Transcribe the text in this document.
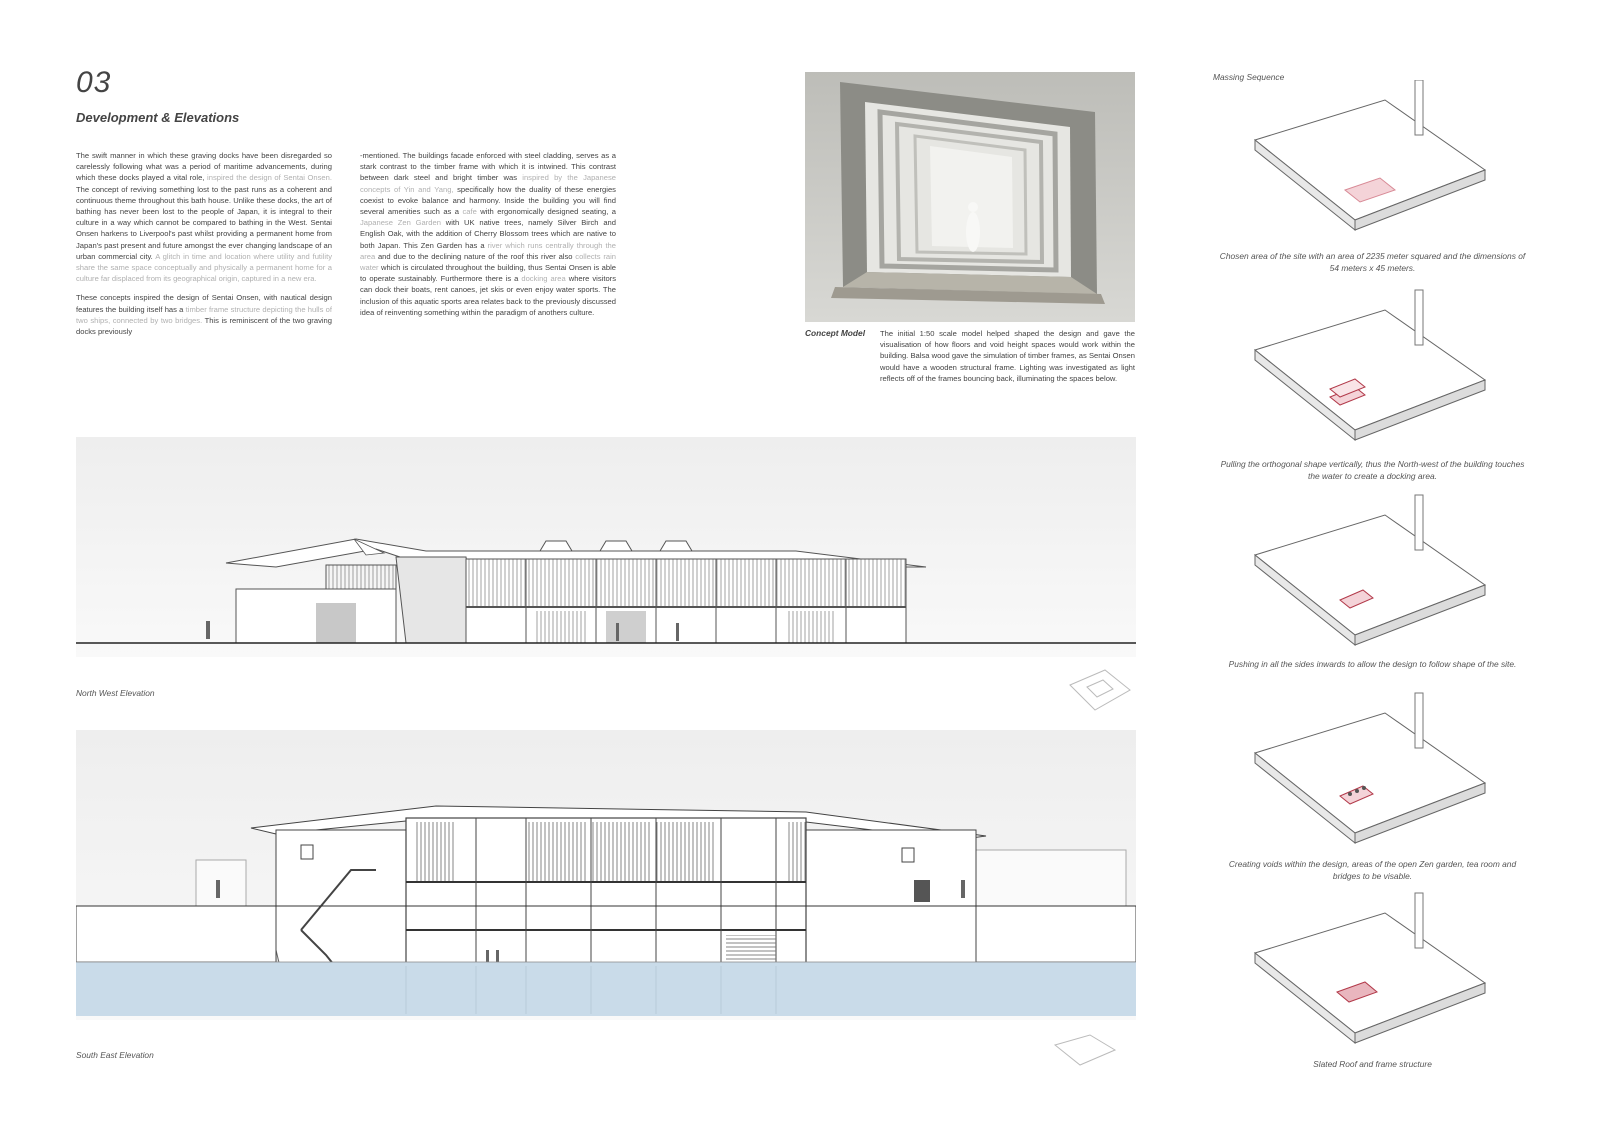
03
Development & Elevations

The swift manner in which these graving docks have been disregarded so carelessly following what was a period of maritime advancements, during which these docks played a vital role, inspired the design of Sentai Onsen. The concept of reviving something lost to the past runs as a coherent and continuous theme throughout this bath house. Unlike these docks, the art of bathing has never been lost to the people of Japan, it is integral to their culture in a way which cannot be compared to bathing in the West. Sentai Onsen harkens to Liverpool's past whilst providing a permanent home from Japan's past present and future amongst the ever changing landscape of an urban commercial city. A glitch in time and location where utility and futility share the same space conceptually and physically a permanent home for a culture far displaced from its geographical origin, captured in a new era.

These concepts inspired the design of Sentai Onsen, with nautical design features the building itself has a timber frame structure depicting the hulls of two ships, connected by two bridges. This is reminiscent of the two graving docks previously

-mentioned. The buildings facade enforced with steel cladding, serves as a stark contrast to the timber frame with which it is intwined. This contrast between dark steel and bright timber was inspired by the Japanese concepts of Yin and Yang, specifically how the duality of these energies coexist to evoke balance and harmony. Inside the building you will find several amenities such as a cafe with ergonomically designed seating, a Japanese Zen Garden with UK native trees, namely Silver Birch and English Oak, with the addition of Cherry Blossom trees which are native to both Japan. This Zen Garden has a river which runs centrally through the area and due to the declining nature of the roof this river also collects rain water which is circulated throughout the building, thus Sentai Onsen is able to operate sustainably. Furthermore there is a docking area where visitors can dock their boats, rent canoes, jet skis or even enjoy water sports. The inclusion of this aquatic sports area relates back to the previously discussed idea of reinventing something within the paradigm of anothers culture.

Concept Model The initial 1:50 scale model helped shaped the design and gave the visualisation of how floors and void height spaces would work within the building. Balsa wood gave the simulation of timber frames, as Sentai Onsen would have a wooden structural frame. Lighting was investigated as light reflects off of the frames bouncing back, illuminating the spaces below.
North West Elevation
South East Elevation
Massing Sequence
Chosen area of the site with an area of 2235 meter squared and the dimensions of 54 meters x 45 meters.
Pulling the orthogonal shape vertically, thus the North-west of the building touches the water to create a docking area.
Pushing in all the sides inwards to allow the design to follow shape of the site.
Creating voids within the design, areas of the open Zen garden, tea room and bridges to be visable.
Slated Roof and frame structure
